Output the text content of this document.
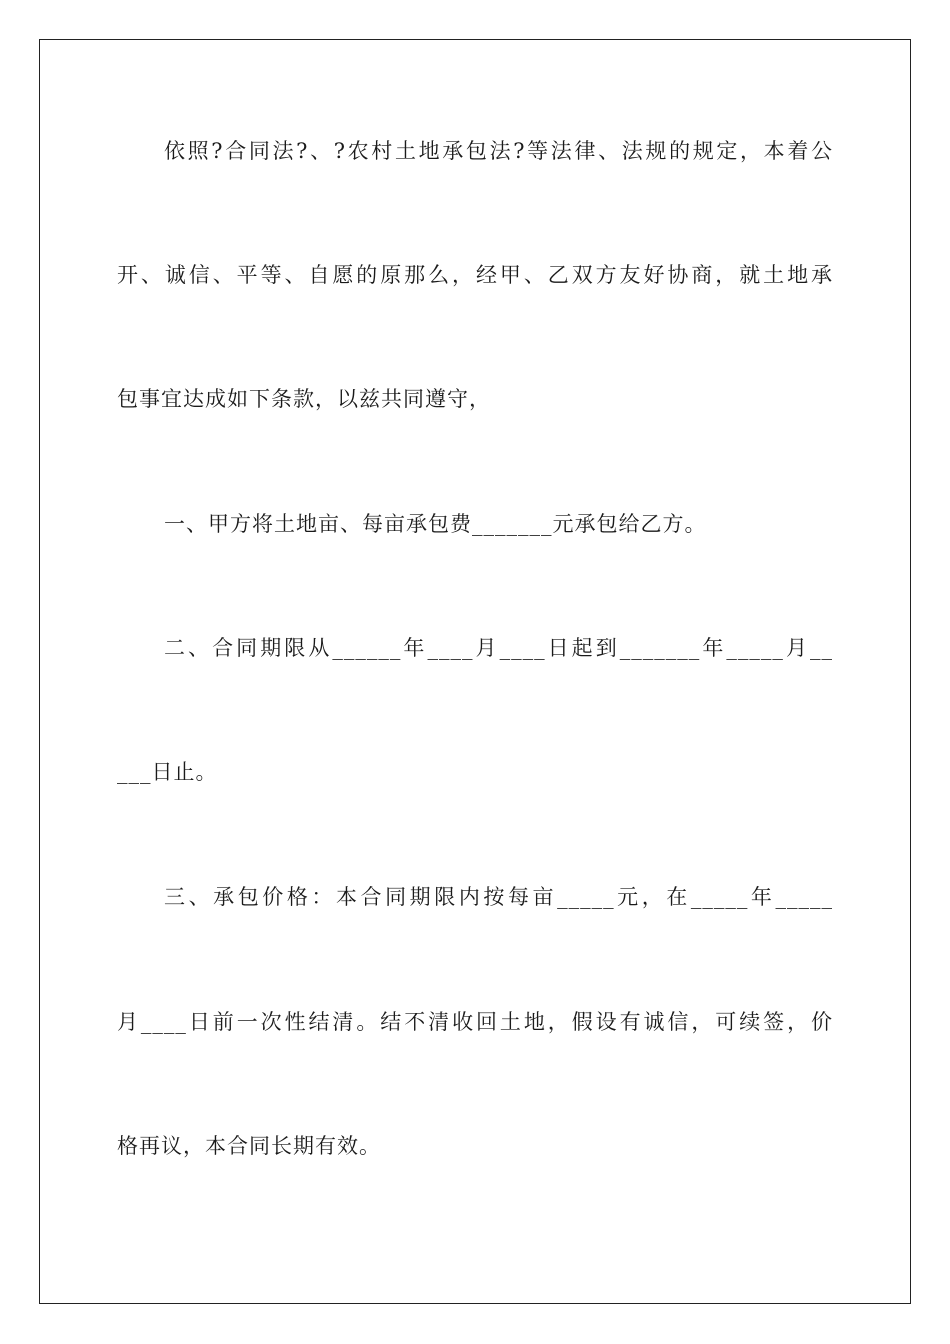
依照?合同法?、?农村土地承包法?等法律、法规的规定，本着公
开、诚信、平等、自愿的原那么，经甲、乙双方友好协商，就土地承
包事宜达成如下条款，以兹共同遵守，
一、甲方将土地亩、每亩承包费_______元承包给乙方。
二、合同期限从______年____月____日起到_______年_____月__
___日止。
三、承包价格：本合同期限内按每亩_____元，在_____年_____
月____日前一次性结清。结不清收回土地，假设有诚信，可续签，价
格再议，本合同长期有效。
